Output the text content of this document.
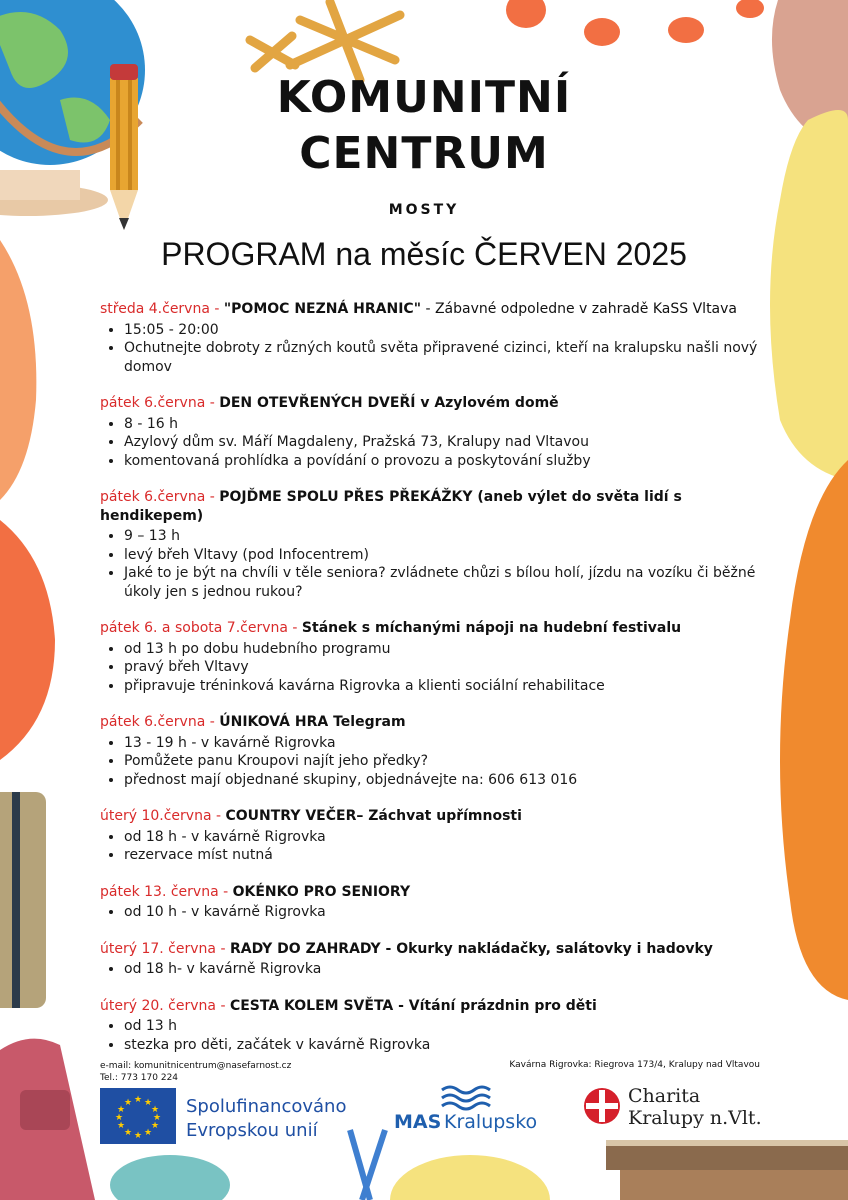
KOMUNITNÍ
CENTRUM
MOSTY
PROGRAM na měsíc ČERVEN 2025
středa 4.června - "POMOC NEZNÁ HRANIC" - Zábavné odpoledne v zahradě KaSS Vltava
• 15:05 - 20:00
• Ochutnejte dobroty z různých koutů světa připravené cizinci, kteří na kralupsku našli nový domov
pátek 6.června - DEN OTEVŘENÝCH DVEŘÍ v Azylovém domě
• 8 - 16 h
• Azylový dům sv. Máří Magdaleny, Pražská 73, Kralupy nad Vltavou
• komentovaná prohlídka a povídání o provozu a poskytování služby
pátek 6.června - POJĎME SPOLU PŘES PŘEKÁŽKY (aneb výlet do světa lidí s hendikepem)
• 9 – 13 h
• levý břeh Vltavy (pod Infocentrem)
• Jaké to je být na chvíli v těle seniora? zvládnete chůzi s bílou holí, jízdu na vozíku či běžné úkoly jen s jednou rukou?
pátek 6. a sobota 7.června - Stánek s míchanými nápoji na hudební festivalu
• od 13 h po dobu hudebního programu
• pravý břeh Vltavy
• připravuje tréninková kavárna Rigrovka a klienti sociální rehabilitace
pátek 6.června - ÚNIKOVÁ HRA Telegram
• 13 - 19 h - v kavárně Rigrovka
• Pomůžete panu Kroupovi najít jeho předky?
• přednost mají objednané skupiny, objednávejte na: 606 613 016
úterý 10.června - COUNTRY VEČER– Záchvat upřímnosti
• od 18 h - v kavárně Rigrovka
• rezervace míst nutná
pátek 13. června - OKÉNKO PRO SENIORY
• od 10 h - v kavárně Rigrovka
úterý 17. června - RADY DO ZAHRADY - Okurky nakládačky, salátovky i hadovky
• od 18 h- v kavárně Rigrovka
úterý 20. června - CESTA KOLEM SVĚTA - Vítání prázdnin pro děti
• od 13 h
• stezka pro děti, začátek v kavárně Rigrovka
e-mail: komunitnicentrum@nasefarnost.cz
Tel.: 773 170 224
Kavárna Rigrovka: Riegrova 173/4, Kralupy nad Vltavou
★ ★
★
★
★
★
★
★
★
★
★
★	Spolufinancováno
Evropskou unií	MAS Kralupsko
Charita
Kralupy n.Vlt.
